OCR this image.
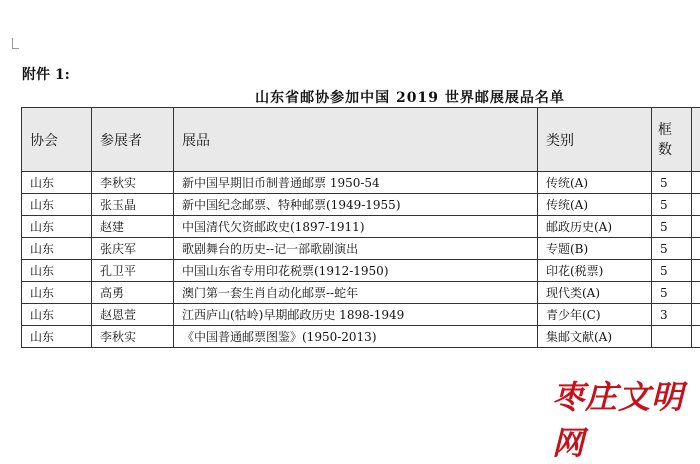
附件 1:
山东省邮协参加中国 2019 世界邮展展品名单
协会	参展者	展品	类别	框
数	
山东	李秋实	新中国早期旧币制普通邮票 1950-54	传统(A)	5	
山东	张玉晶	新中国纪念邮票、特种邮票(1949-1955)	传统(A)	5	
山东	赵建	中国清代欠资邮政史(1897-1911)	邮政历史(A)	5	
山东	张庆军	歌剧舞台的历史--记一部歌剧演出	专题(B)	5	
山东	孔卫平	中国山东省专用印花税票(1912-1950)	印花(税票)	5	
山东	高勇	澳门第一套生肖自动化邮票--蛇年	现代类(A)	5	
山东	赵恩萱	江西庐山(牯岭)早期邮政历史 1898-1949	青少年(C)	3	
山东	李秋实	《中国普通邮票图鉴》(1950-2013)	集邮文献(A)		
枣庄文明网
